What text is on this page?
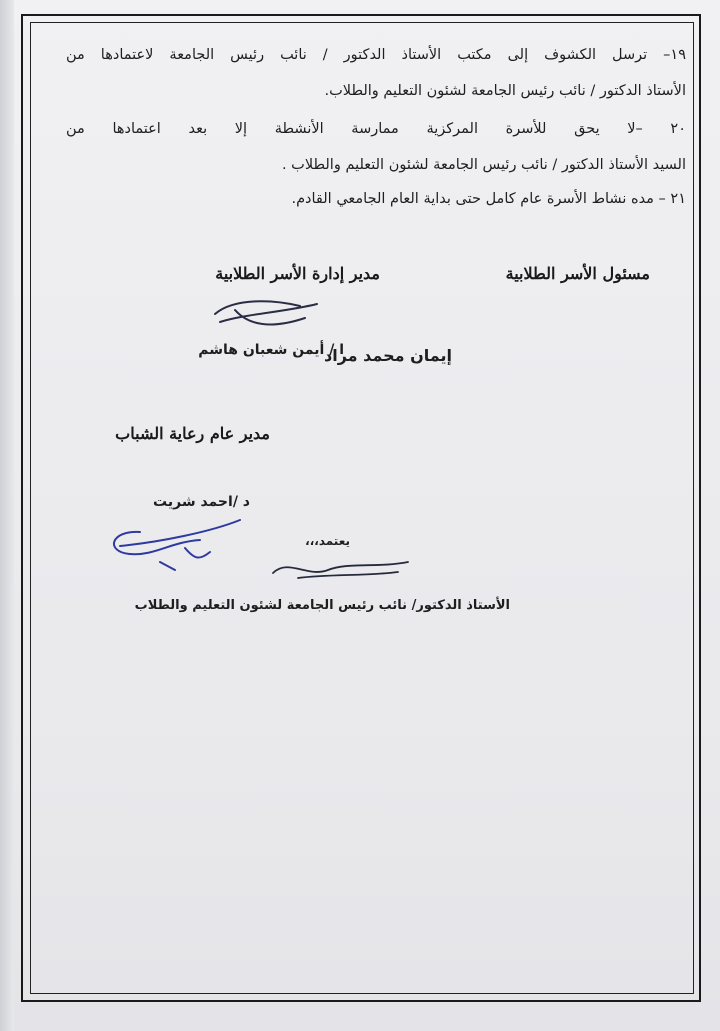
١٩– ترسل الكشوف إلى مكتب الأستاذ الدكتور / نائب رئيس الجامعة لاعتمادها من
الأستاذ الدكتور / نائب رئيس الجامعة لشئون التعليم والطلاب.
٢٠ –لا يحق للأسرة المركزية ممارسة الأنشطة إلا بعد اعتمادها من
السيد الأستاذ الدكتور / نائب رئيس الجامعة لشئون التعليم والطلاب .
٢١ – مده نشاط الأسرة عام كامل حتى بداية العام الجامعي القادم.
مسئول الأسر الطلابية
مدير إدارة الأسر الطلابية
إيمان محمد مراد
ا / أيمن شعبان هاشم
مدير عام رعاية الشباب
د /احمد شريت
يعتمد،،،
الأستاذ الدكتور/ نائب رئيس الجامعة لشئون التعليم والطلاب
